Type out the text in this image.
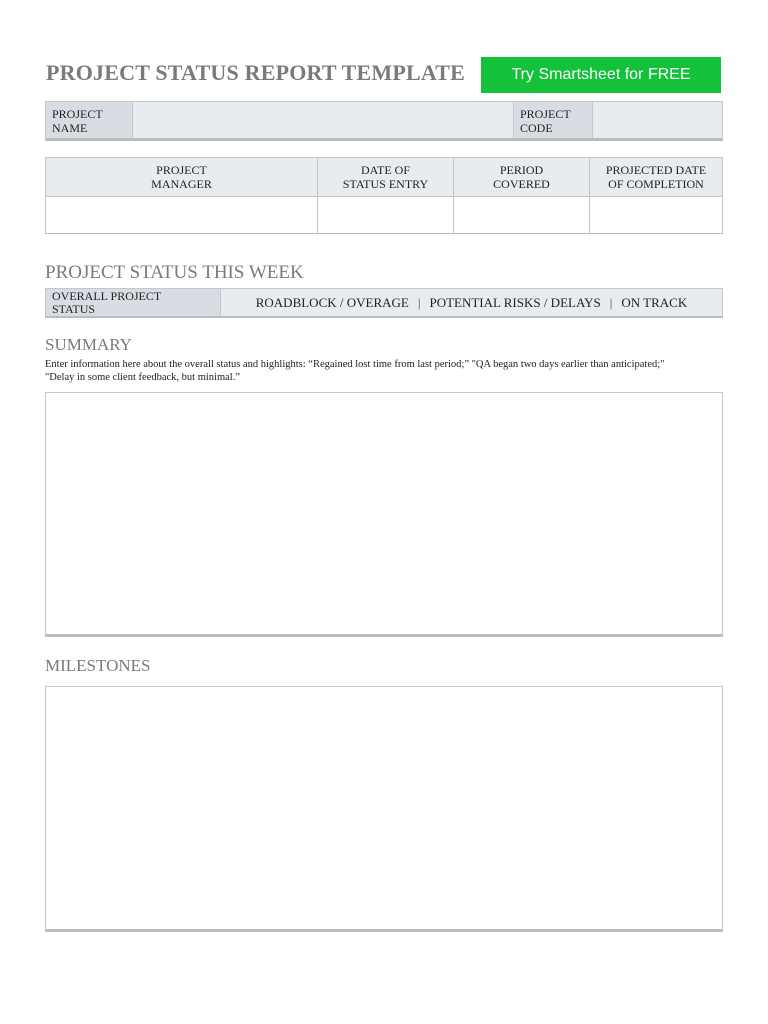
PROJECT STATUS REPORT TEMPLATE	Try Smartsheet for FREE
PROJECT
NAME
PROJECT
CODE
PROJECT
MANAGER
DATE OF
STATUS ENTRY
PERIOD
COVERED
PROJECTED DATE
OF COMPLETION
PROJECT STATUS THIS WEEK
OVERALL PROJECT
STATUS	ROADBLOCK / OVERAGE | POTENTIAL RISKS / DELAYS | ON TRACK
SUMMARY
Enter information here about the overall status and highlights: “Regained lost time from last period;” "QA began two days earlier than anticipated;"
"Delay in some client feedback, but minimal.”
MILESTONES
